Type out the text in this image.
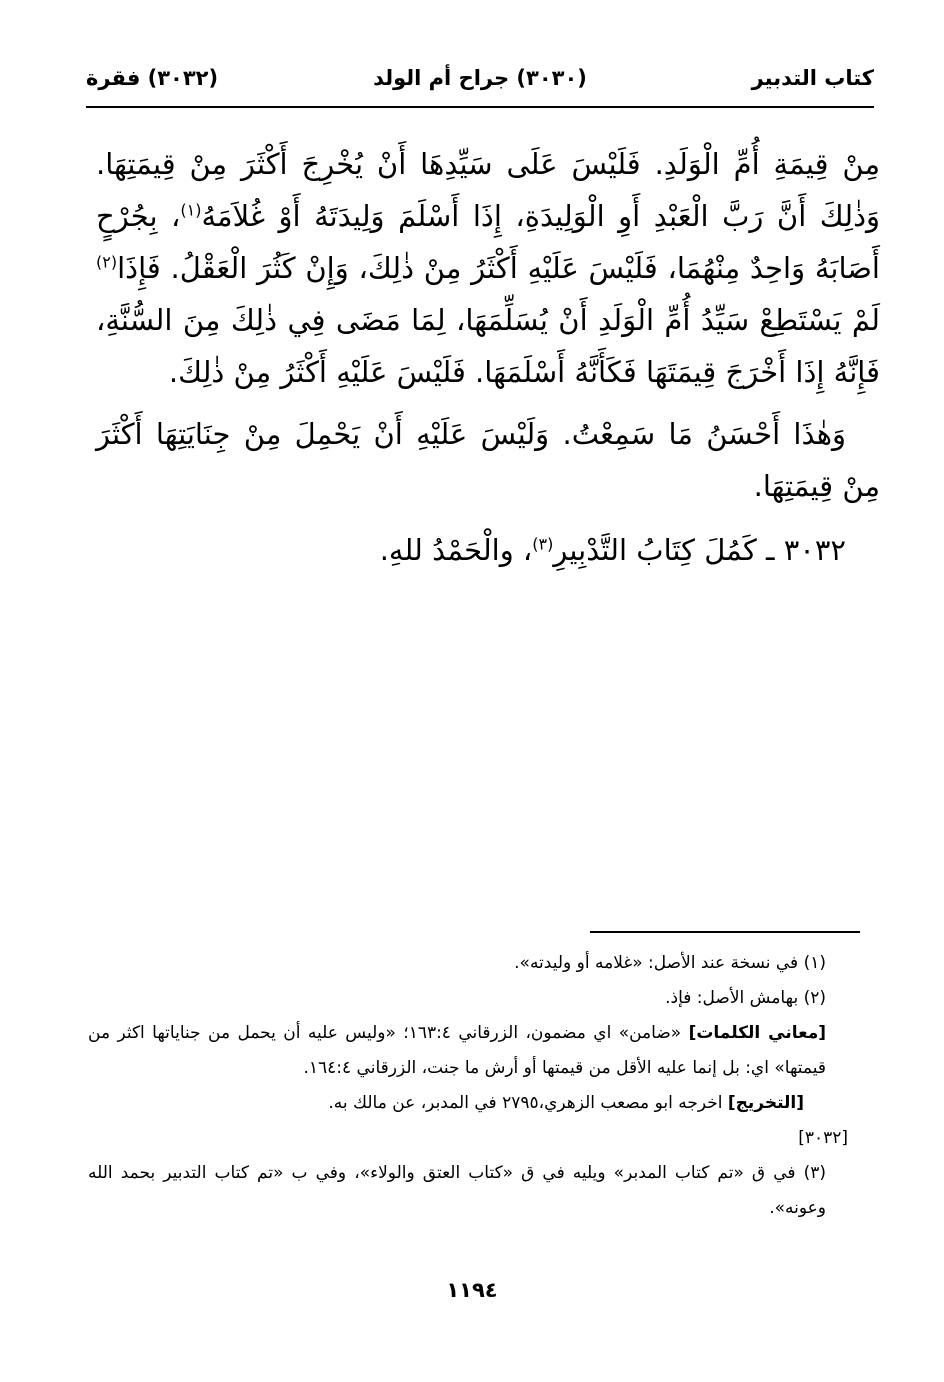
كتاب التدبير
(٣٠٣٠) جراح أم الولد
(٣٠٣٢) فقرة

مِنْ قِيمَةِ أُمِّ الْوَلَدِ. فَلَيْسَ عَلَى سَيِّدِهَا أَنْ يُخْرِجَ أَكْثَرَ مِنْ قِيمَتِهَا. وَذٰلِكَ أَنَّ رَبَّ الْعَبْدِ أَوِ الْوَلِيدَةِ، إِذَا أَسْلَمَ وَلِيدَتَهُ أَوْ غُلاَمَهُ$^{(١)}$، بِجُرْحٍ أَصَابَهُ وَاحِدٌ مِنْهُمَا، فَلَيْسَ عَلَيْهِ أَكْثَرُ مِنْ ذٰلِكَ، وَإِنْ كَثُرَ الْعَقْلُ. فَإِذَا$^{(٢)}$ لَمْ يَسْتَطِعْ سَيِّدُ أُمِّ الْوَلَدِ أَنْ يُسَلِّمَهَا، لِمَا مَضَى فِي ذٰلِكَ مِنَ السُّنَّةِ، فَإِنَّهُ إِذَا أَخْرَجَ قِيمَتَهَا فَكَأَنَّهُ أَسْلَمَهَا. فَلَيْسَ عَلَيْهِ أَكْثَرُ مِنْ ذٰلِكَ.

وَهٰذَا أَحْسَنُ مَا سَمِعْتُ. وَلَيْسَ عَلَيْهِ أَنْ يَحْمِلَ مِنْ جِنَايَتِهَا أَكْثَرَ مِنْ قِيمَتِهَا.

٣٠٣٢ ـ كَمُلَ كِتَابُ التَّدْبِيرِ$^{(٣)}$، والْحَمْدُ للهِ.

(١) في نسخة عند الأصل: «غلامه أو وليدته».

(٢) بهامش الأصل: فإذ.

[معاني الكلمات] «ضامن» اي مضمون، الزرقاني ١٦٣:٤؛ «وليس عليه أن يحمل من جناياتها اكثر من قيمتها» اي: بل إنما عليه الأقل من قيمتها أو أرش ما جنت، الزرقاني ١٦٤:٤.

[التخريج] اخرجه ابو مصعب الزهري،٢٧٩٥ في المدبر، عن مالك به.

[٣٠٣٢]

(٣) في ق «تم كتاب المدبر» ويليه في ق «كتاب العتق والولاء»، وفي ب «تم كتاب التدبير بحمد الله وعونه».

١١٩٤
